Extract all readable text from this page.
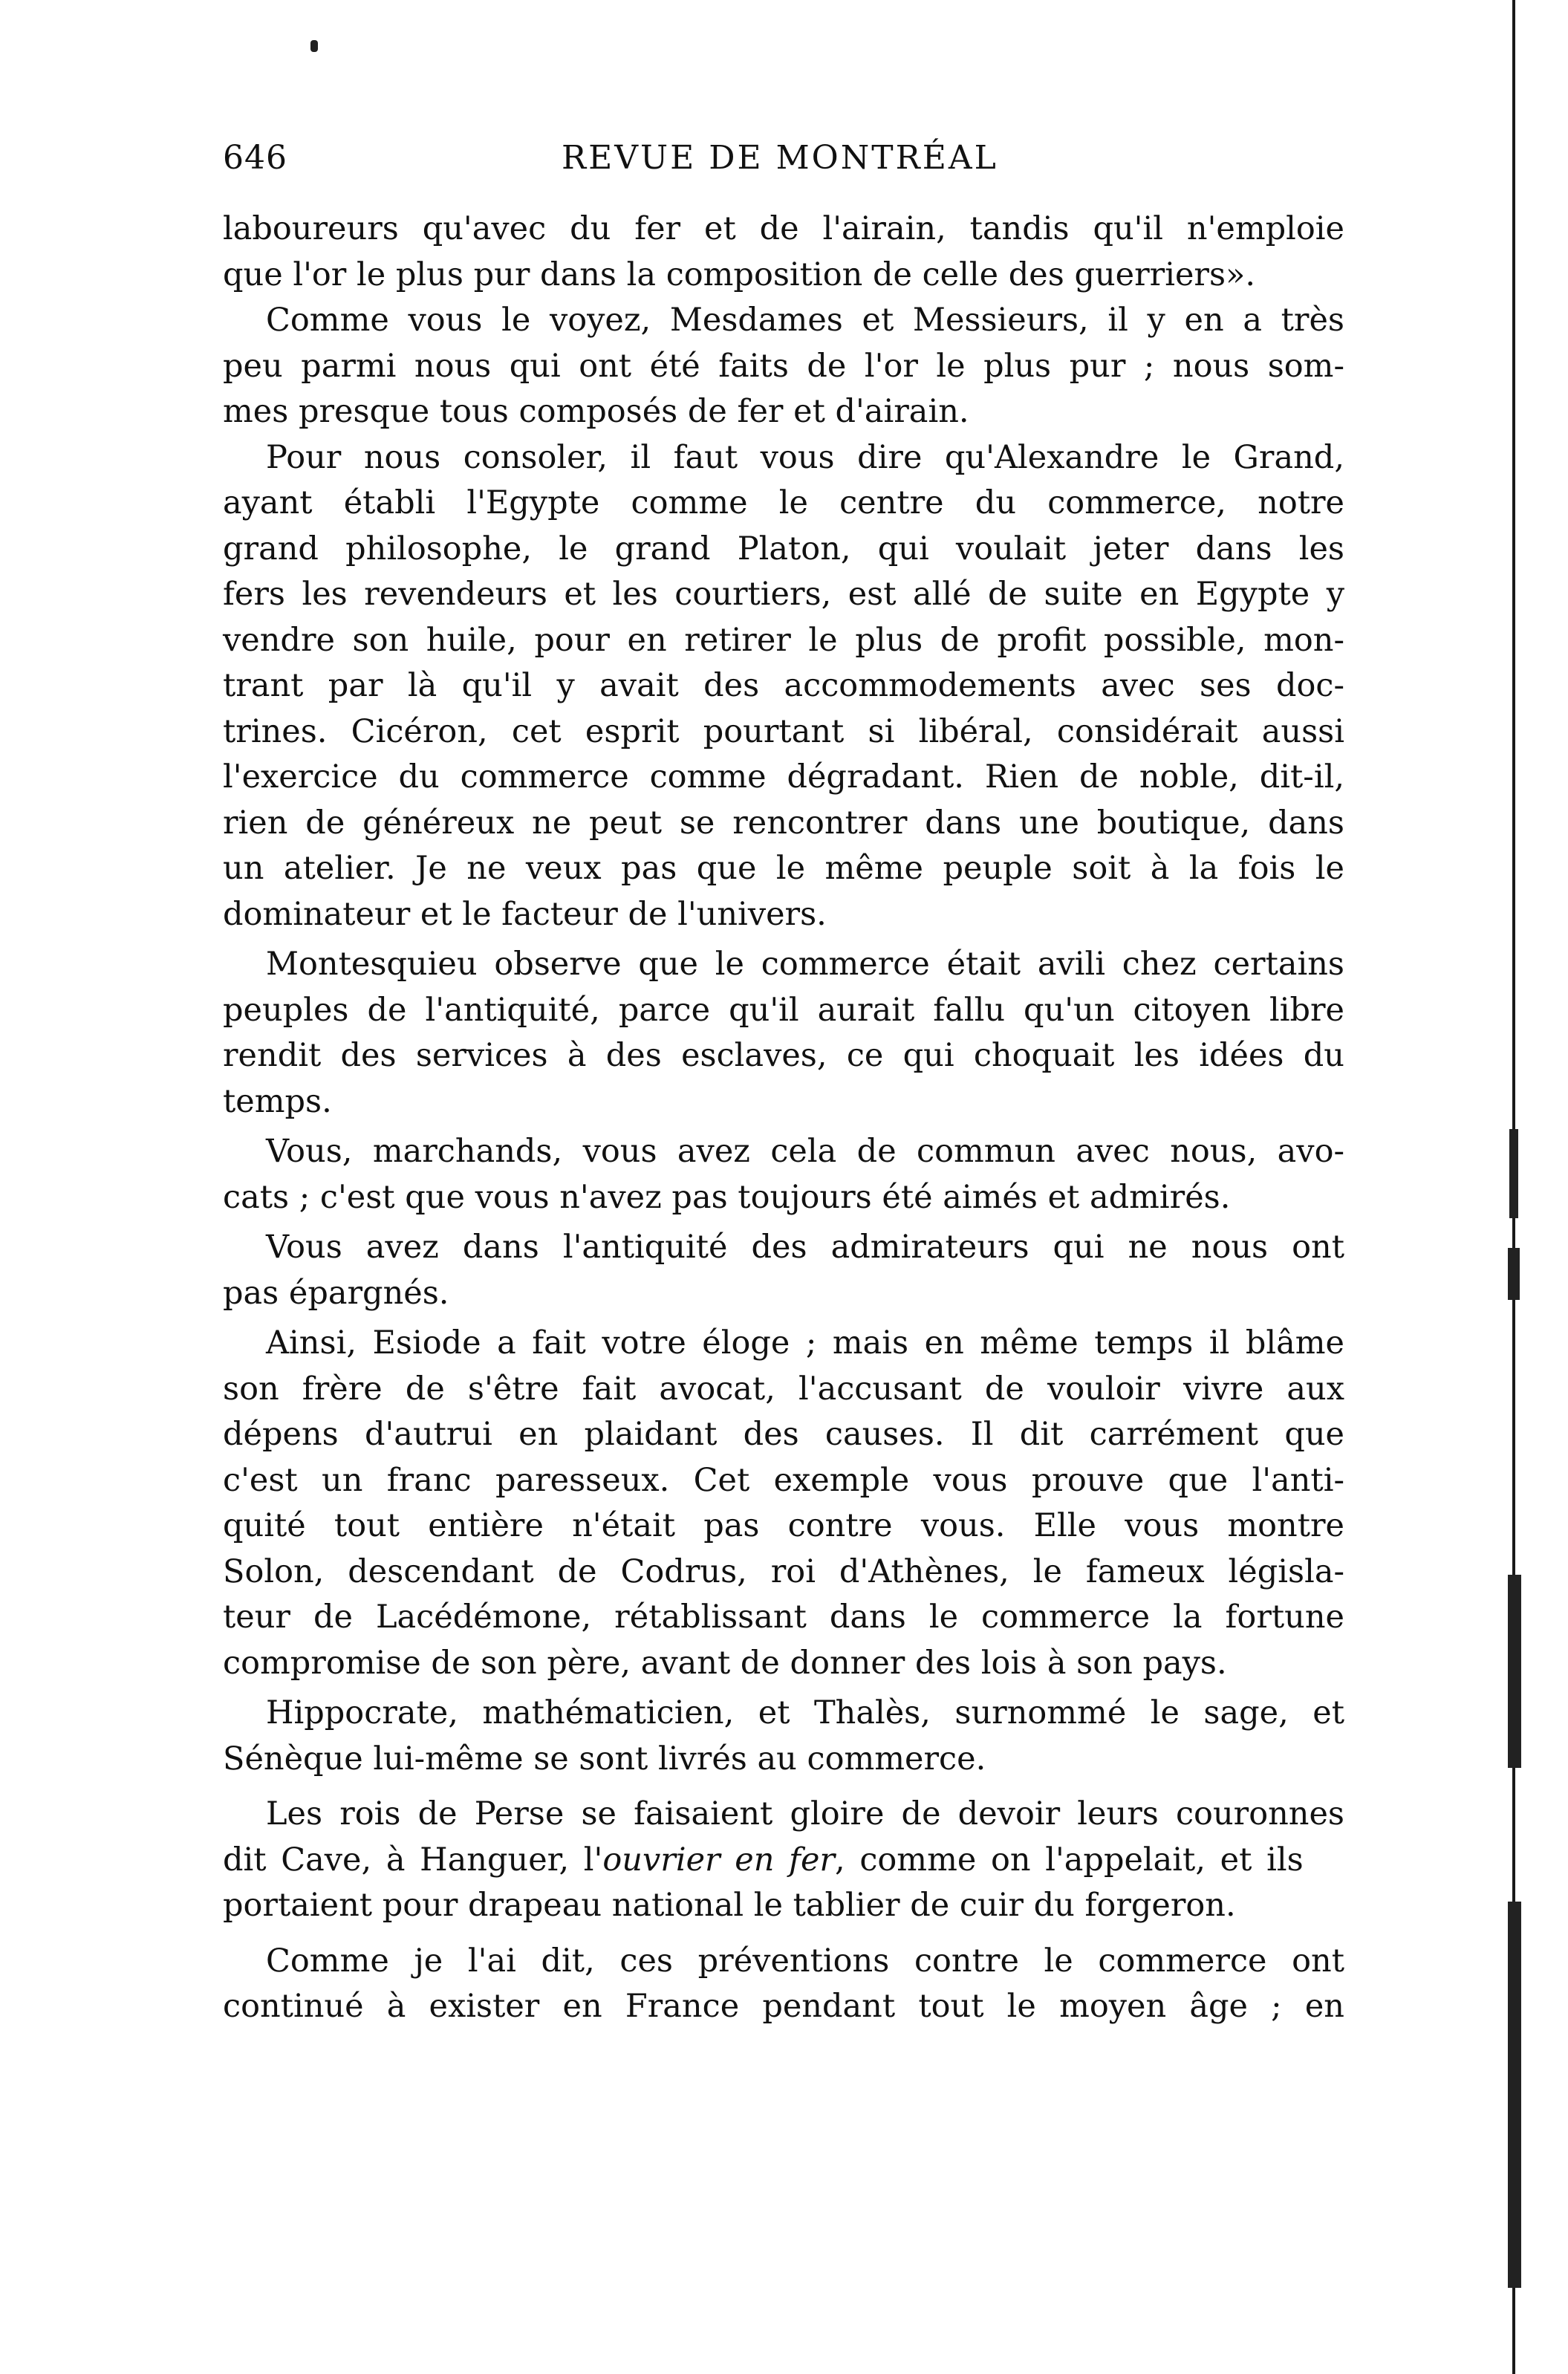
646	REVUE DE MONTRÉAL
laboureurs qu'avec du fer et de l'airain, tandis qu'il n'emploie
que l'or le plus pur dans la composition de celle des guerriers».
Comme vous le voyez, Mesdames et Messieurs, il y en a très
peu parmi nous qui ont été faits de l'or le plus pur ; nous som-
mes presque tous composés de fer et d'airain.
Pour nous consoler, il faut vous dire qu'Alexandre le Grand,
ayant établi l'Egypte comme le centre du commerce, notre
grand philosophe, le grand Platon, qui voulait jeter dans les
fers les revendeurs et les courtiers, est allé de suite en Egypte y
vendre son huile, pour en retirer le plus de profit possible, mon-
trant par là qu'il y avait des accommodements avec ses doc-
trines. Cicéron, cet esprit pourtant si libéral, considérait aussi
l'exercice du commerce comme dégradant. Rien de noble, dit-il,
rien de généreux ne peut se rencontrer dans une boutique, dans
un atelier. Je ne veux pas que le même peuple soit à la fois le
dominateur et le facteur de l'univers.
Montesquieu observe que le commerce était avili chez certains
peuples de l'antiquité, parce qu'il aurait fallu qu'un citoyen libre
rendit des services à des esclaves, ce qui choquait les idées du
temps.
Vous, marchands, vous avez cela de commun avec nous, avo-
cats ; c'est que vous n'avez pas toujours été aimés et admirés.
Vous avez dans l'antiquité des admirateurs qui ne nous ont
pas épargnés.
Ainsi, Esiode a fait votre éloge ; mais en même temps il blâme
son frère de s'être fait avocat, l'accusant de vouloir vivre aux
dépens d'autrui en plaidant des causes. Il dit carrément que
c'est un franc paresseux. Cet exemple vous prouve que l'anti-
quité tout entière n'était pas contre vous. Elle vous montre
Solon, descendant de Codrus, roi d'Athènes, le fameux législa-
teur de Lacédémone, rétablissant dans le commerce la fortune
compromise de son père, avant de donner des lois à son pays.
Hippocrate, mathématicien, et Thalès, surnommé le sage, et
Sénèque lui-même se sont livrés au commerce.
Les rois de Perse se faisaient gloire de devoir leurs couronnes
dit Cave, à Hanguer, l'ouvrier en fer, comme on l'appelait, et ils
portaient pour drapeau national le tablier de cuir du forgeron.
Comme je l'ai dit, ces préventions contre le commerce ont
continué à exister en France pendant tout le moyen âge ; en
